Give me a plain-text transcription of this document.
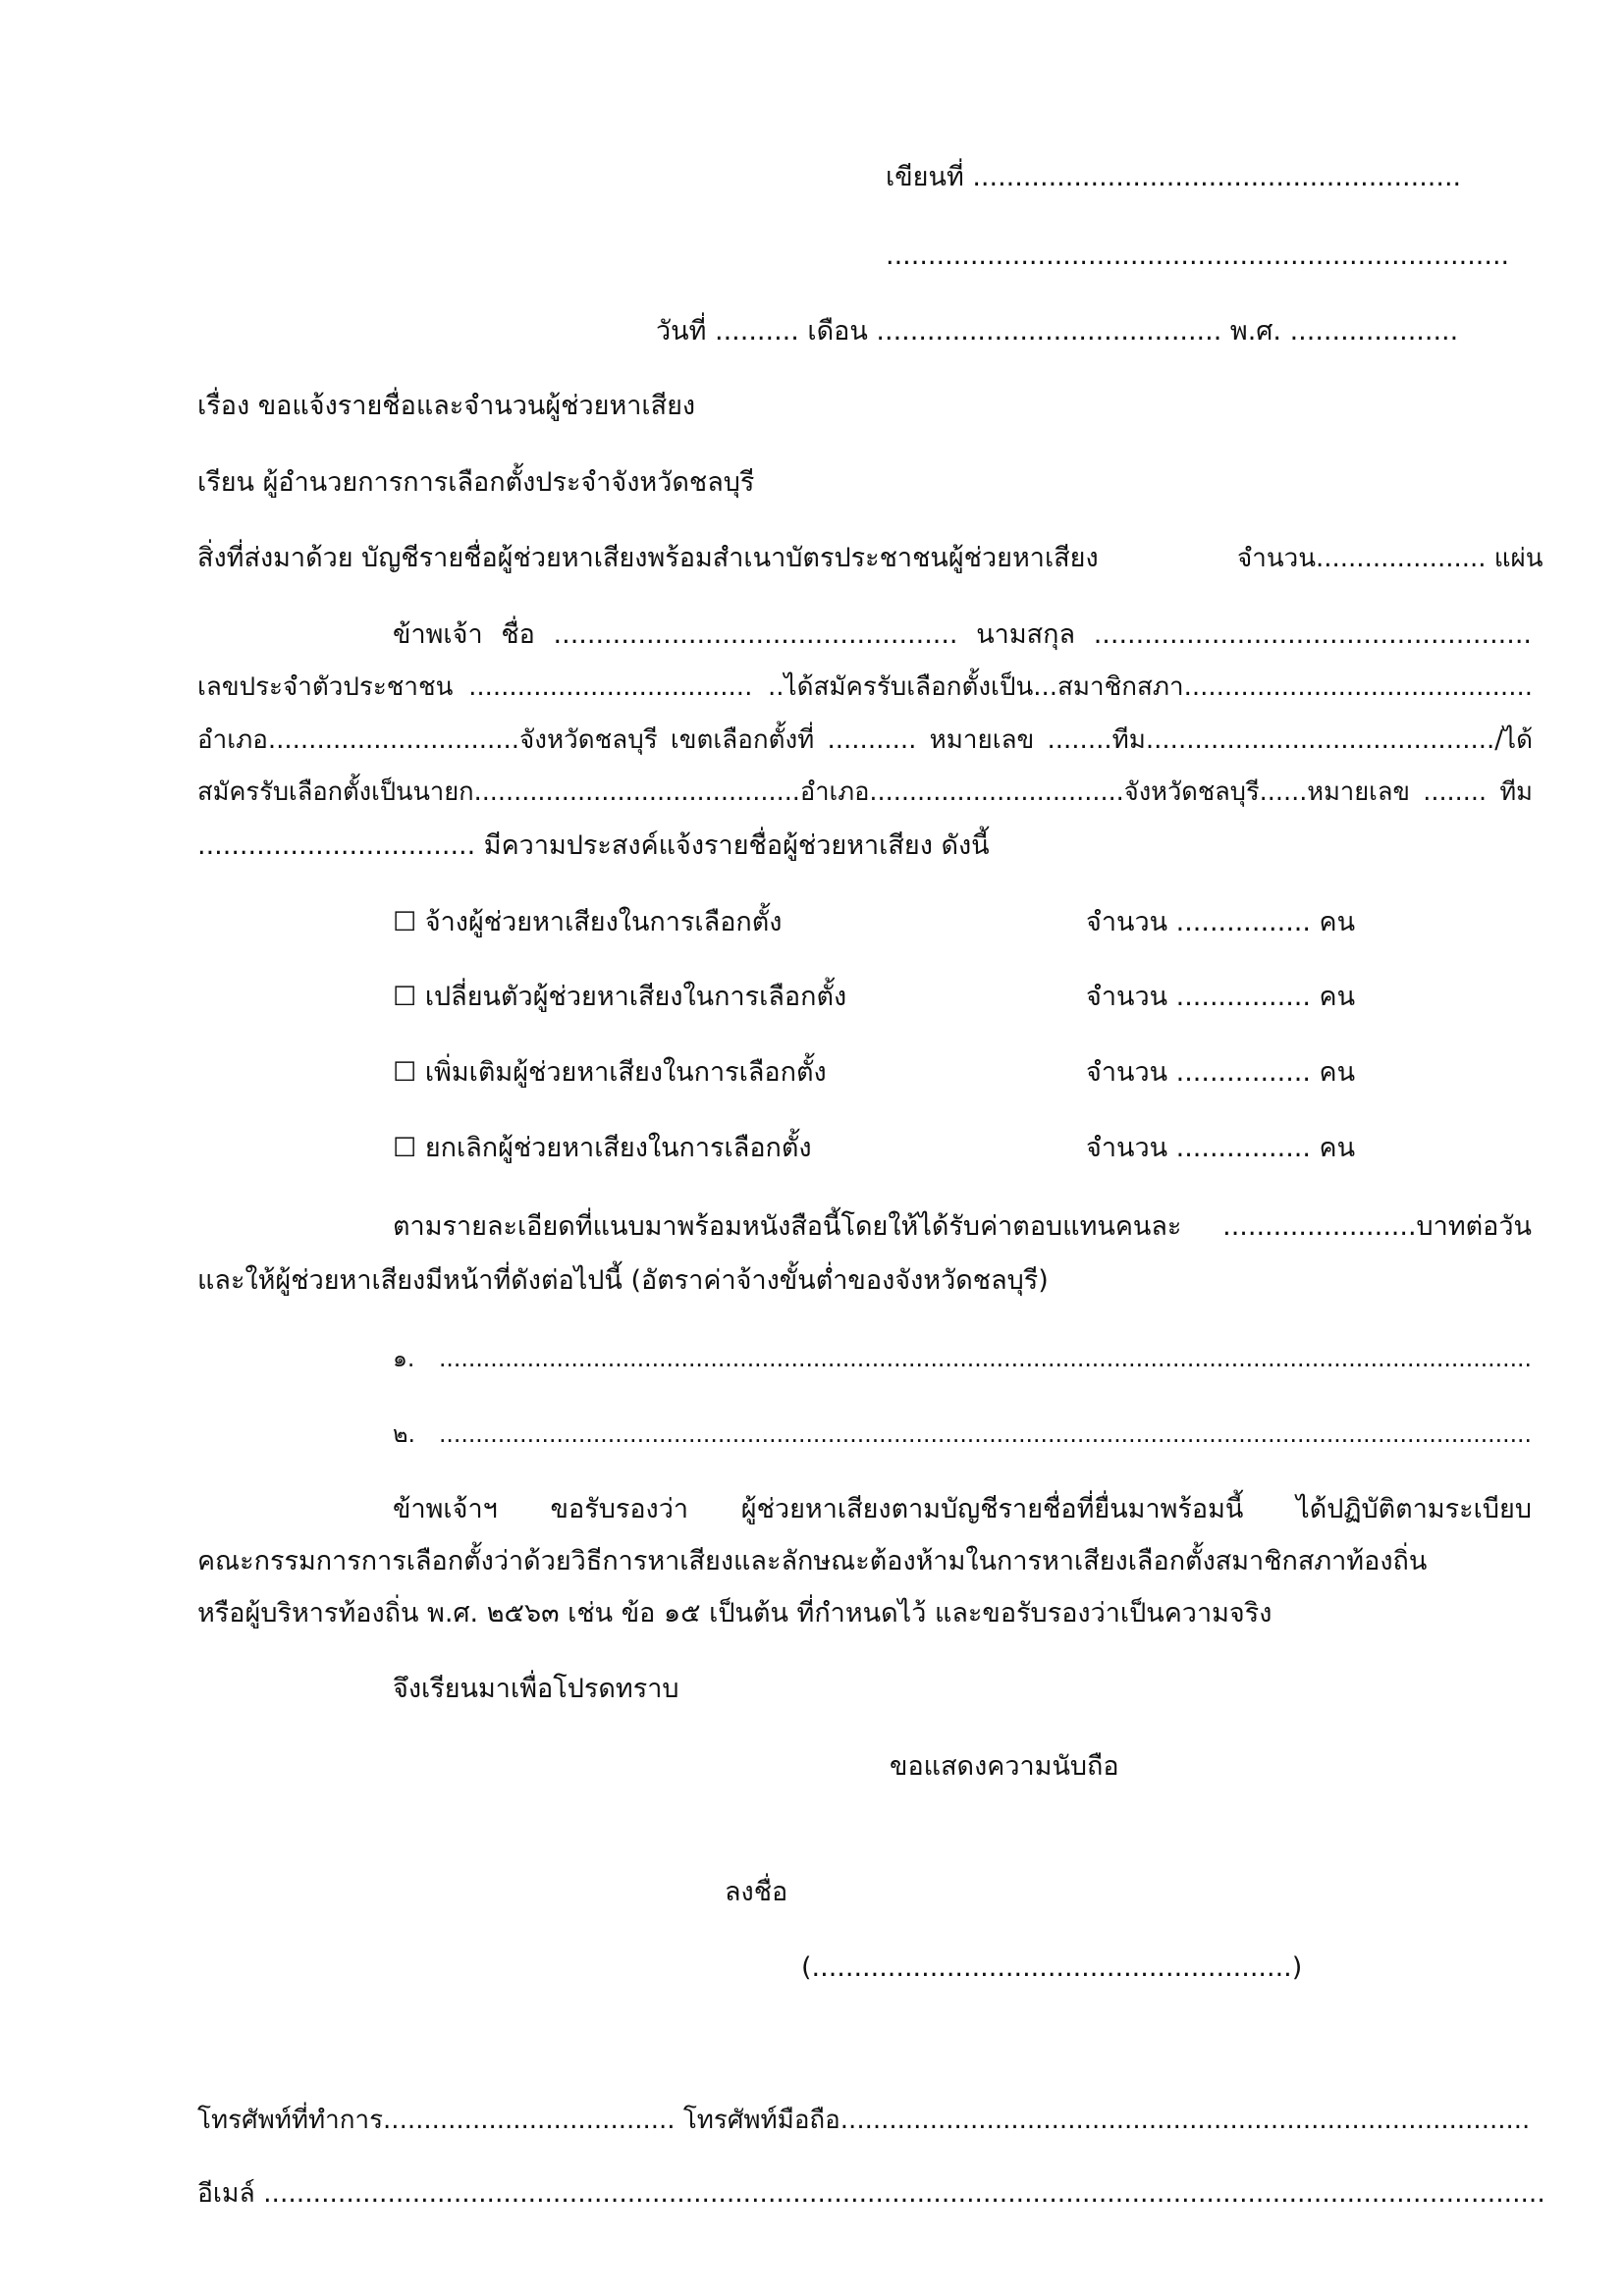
เขียนที่ ..........................................................
..........................................................................
วันที่ .......... เดือน ......................................... พ.ศ. ....................
เรื่อง ขอแจ้งรายชื่อและจำนวนผู้ช่วยหาเสียง
เรียน ผู้อำนวยการการเลือกตั้งประจำจังหวัดชลบุรี
สิ่งที่ส่งมาด้วย บัญชีรายชื่อผู้ช่วยหาเสียงพร้อมสำเนาบัตรประชาชนผู้ช่วยหาเสียง	จำนวน..................... แผ่น
ข้าพเจ้า ชื่อ ................................................ นามสกุล ....................................................
เลขประจำตัวประชาชน ................................... ..ได้สมัครรับเลือกตั้งเป็น...สมาชิกสภา...........................................
อำเภอ...............................จังหวัดชลบุรี เขตเลือกตั้งที่ ........... หมายเลข ........ทีม.........................................../ได้
สมัครรับเลือกตั้งเป็นนายก.........................................อำเภอ................................จังหวัดชลบุรี......หมายเลข ........ ทีม
................................. มีความประสงค์แจ้งรายชื่อผู้ช่วยหาเสียง ดังนี้
☐ จ้างผู้ช่วยหาเสียงในการเลือกตั้ง	จำนวน ................ คน
☐ เปลี่ยนตัวผู้ช่วยหาเสียงในการเลือกตั้ง	จำนวน ................ คน
☐ เพิ่มเติมผู้ช่วยหาเสียงในการเลือกตั้ง	จำนวน ................ คน
☐ ยกเลิกผู้ช่วยหาเสียงในการเลือกตั้ง	จำนวน ................ คน
ตามรายละเอียดที่แนบมาพร้อมหนังสือนี้โดยให้ได้รับค่าตอบแทนคนละ .......................บาทต่อวัน
และให้ผู้ช่วยหาเสียงมีหน้าที่ดังต่อไปนี้ (อัตราค่าจ้างขั้นต่ำของจังหวัดชลบุรี)
๑. .....................................................................................................................................................
๒. .....................................................................................................................................................
ข้าพเจ้าฯ ขอรับรองว่า ผู้ช่วยหาเสียงตามบัญชีรายชื่อที่ยื่นมาพร้อมนี้ ได้ปฏิบัติตามระเบียบ
คณะกรรมการการเลือกตั้งว่าด้วยวิธีการหาเสียงและลักษณะต้องห้ามในการหาเสียงเลือกตั้งสมาชิกสภาท้องถิ่น
หรือผู้บริหารท้องถิ่น พ.ศ. ๒๕๖๓ เช่น ข้อ ๑๕ เป็นต้น ที่กำหนดไว้ และขอรับรองว่าเป็นความจริง
จึงเรียนมาเพื่อโปรดทราบ
ขอแสดงความนับถือ
ลงชื่อ
(.........................................................)
โทรศัพท์ที่ทำการ.................................... โทรศัพท์มือถือ.....................................................................................
อีเมล์ ...........................................................................................................................................................
